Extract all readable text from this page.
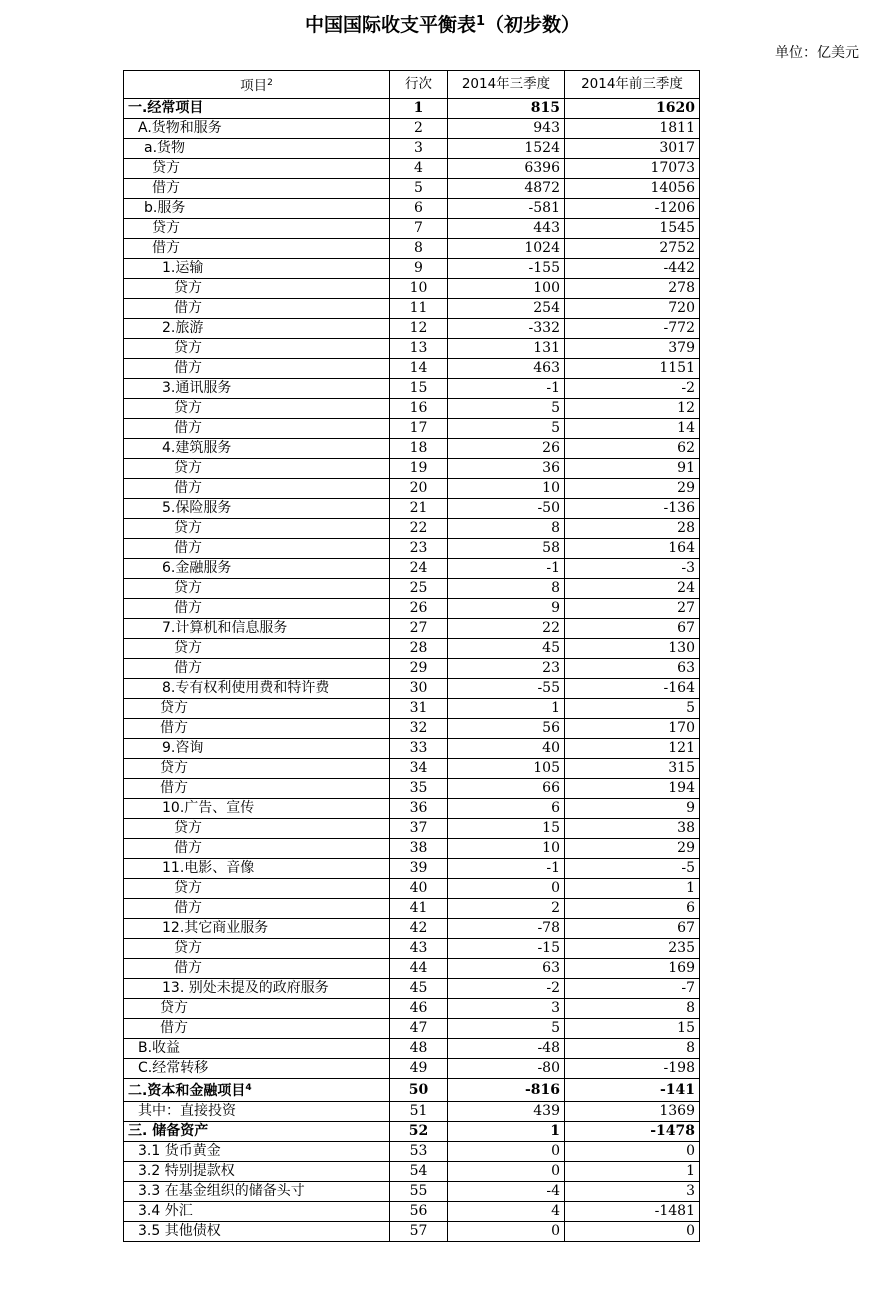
中国国际收支平衡表$^1$（初步数）
单位：亿美元
项目$^2$	行次	2014年三季度	2014年前三季度
一.经常项目	1	815	1620
A.货物和服务	2	943	1811
a.货物	3	1524	3017
贷方	4	6396	17073
借方	5	4872	14056
b.服务	6	-581	-1206
贷方	7	443	1545
借方	8	1024	2752
1.运输	9	-155	-442
贷方	10	100	278
借方	11	254	720
2.旅游	12	-332	-772
贷方	13	131	379
借方	14	463	1151
3.通讯服务	15	-1	-2
贷方	16	5	12
借方	17	5	14
4.建筑服务	18	26	62
贷方	19	36	91
借方	20	10	29
5.保险服务	21	-50	-136
贷方	22	8	28
借方	23	58	164
6.金融服务	24	-1	-3
贷方	25	8	24
借方	26	9	27
7.计算机和信息服务	27	22	67
贷方	28	45	130
借方	29	23	63
8.专有权利使用费和特许费	30	-55	-164
贷方	31	1	5
借方	32	56	170
9.咨询	33	40	121
贷方	34	105	315
借方	35	66	194
10.广告、宣传	36	6	9
贷方	37	15	38
借方	38	10	29
11.电影、音像	39	-1	-5
贷方	40	0	1
借方	41	2	6
12.其它商业服务	42	-78	67
贷方	43	-15	235
借方	44	63	169
13. 别处未提及的政府服务	45	-2	-7
贷方	46	3	8
借方	47	5	15
B.收益	48	-48	8
C.经常转移	49	-80	-198
二.资本和金融项目$^4$	50	-816	-141
其中：直接投资	51	439	1369
三. 储备资产	52	1	-1478
3.1 货币黄金	53	0	0
3.2 特别提款权	54	0	1
3.3 在基金组织的储备头寸	55	-4	3
3.4 外汇	56	4	-1481
3.5 其他债权	57	0	0
